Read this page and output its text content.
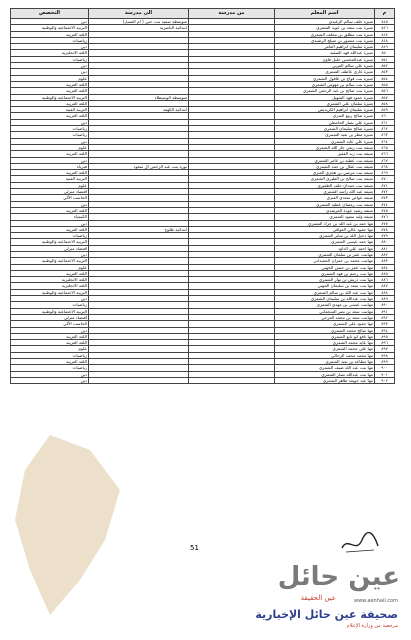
م	اسم المعلم	من مدرسة	الى مدرسة	التخصص
٨٤٥	منيرة خلف سالم الزغيدي		متوسطة صفية بنت حيي ( ام العسل)	دين
٨٤٦	منيرة بنت سعد بن عويد الشمري		ابتدائية الناصرية	التربية الاجتماعية والوطنية
٨٤٧	منيرة بنت مطلق بن مخلف الشمري			اللغة العربية
٨٤٨	منيرة بنت منصور بن منيلج الرشيدي			رياضيات
٨٤٩	منيرة سليمان ابراهيم العامر			دين
٨٥٠	منيرة عبدالله فهد الصقية			اللغة الانجليزية
٨٥١	منيرة عبدالمحسن خليل فاون			رياضيات
٨٥٢	منيرة علي سالم العربي			دين
٨٥٣	منيرة غازي عاطف الشمري			دين
٨٥٤	منيرة بنت فواج بن عاقول الشمري			علوم
٨٥٥	منيرة بنت سالم بن مهوس الشمري			اللغة العربية
٨٥٦	منيرة بنت صالح بن عبد الرحمن الشمري			اللغة العربية
٨٥٧	منيرة حمود فهد الشهيل		متوسطة الوسيطاء	التربية الاجتماعية والوطنية
٨٥٨	منيرة سلمان علي الشمري			اللغة العربية
٨٥٩	منيرة سليمان ابراهيم الكريديس		ابتدائية الكهفة	التربية الفنية
٨٦٠	منيرة صالح ربيع العنزي			اللغة العربية
٨٦١	منيرة علي نصار الحامطي			دين
٨٦٢	منيرة صالح سليمان الشمري			رياضيات
٨٦٣	منيرة مطر بن بعيد الشمري			رياضيات
٨٦٤	منيرة علي عايد الشمري			دين
٨٦٥	منيفة بنت ربعي جار الله الشمري			علوم
٨٦٦	منيفة بنت زيد الفقير			اللغة العربية
٨٦٧	منيفة بنت عطية بن عامر الشمري			دين
٨٦٨	منيفة بنت عقال بن حمد الشمري		نورة بنت عبد الرحمن ال سعود	فيزياء
٨٦٩	منيفة بنت مرضي بن هجري العنزي			اللغة العربية
٨٧٠	منيفة بنت صالح بن الطيري الشمري			التربية الفنية
٨٧١	منيفة بنت حمدان خلف الظفيري			علوم
٨٧٢	منيفة عبد الله راشد الشمري			اقتصاد منزلي
٨٧٣	منيفة عواض سعدي العنزي			الحاسب الآلي
٨٧٤	منيفة بنت رمضان عطية الشمري			دين
٨٧٥	منيفة رشيد عودة المرشدي			اللغة العربية
٨٧٦	منيفة وليد سعود الشمري			الكيمياء
٨٧٧	مها حمد بن عبد الله بن جراد الشمري			دين
٨٧٨	مها جمود عالي العوافي		ابتدائية طلوح	اللغة العربية
٨٧٩	مها دخيل الله بن ساير الشمري			رياضيات
٨٨٠	مها حمد عيسى الشمري			التربية الاجتماعية والوطنية
٨٨١	مها احمد علي الداود			اقتصاد منزلي
٨٨٢	مهابنت عمر بن سلمان الشمري			دين
٨٨٣	مهابنت محمد بن حمران الحميداني			التربية الاجتماعية والوطنية
٨٨٤	مها بنت عمر بن حسن الجهني			علوم
٨٨٥	مها بنت رحيم بن فهد الشمري			اللغة العربية
٨٨٦	مها بنت دريش بن نهار الشمري			اللغة الانجليزية
٨٨٧	مها بنت سعد بن سليمان الجهني			اللغة الانجليزية
٨٨٨	مها بنت عبد الله بن سالم الشمري			التربية الاجتماعية والوطنية
٨٨٩	مها بنت عبدالله بن سليمان الشمري			دين
٨٩٠	مهابنت عيسى بن مهدي الشمري			رياضيات
٨٩١	مهابنت سعد بن نصر السجماني			التربية الاجتماعية والوطنية
٨٩٢	مهابنت سعد بن محمد العرجي			اقتصاد منزلي
٨٩٣	مها جمود علي الشمري			الحاسب الآلي
٨٩٤	مها صالح محمد الشمري			دين
٨٩٥	مها نافع ابو تابع الشمري			اللغة العربية
٨٩٦	مها عايد محمد الشمري			اللغة العربية
٨٩٧	مها علي محمد الشمري			علوم
٨٩٨	مها محمد محمد الرحالي			رياضيات
٨٩٩	مها مطاعة بن بعيد الشمري			اللغة العربية
٩٠٠	مها بنت عبد الله ضيف الشمري			رياضيات
٩٠١	مها بنت عبدالله نصار الشمري			دين
٩٠٢	مها عيد جويعد ظاهر الشمري			دين
51
عين حائل
عين الحقيقة	www.aenhail.com
صحيفة عين حائل الإخبارية
مرخصة من وزارة الإعلام
